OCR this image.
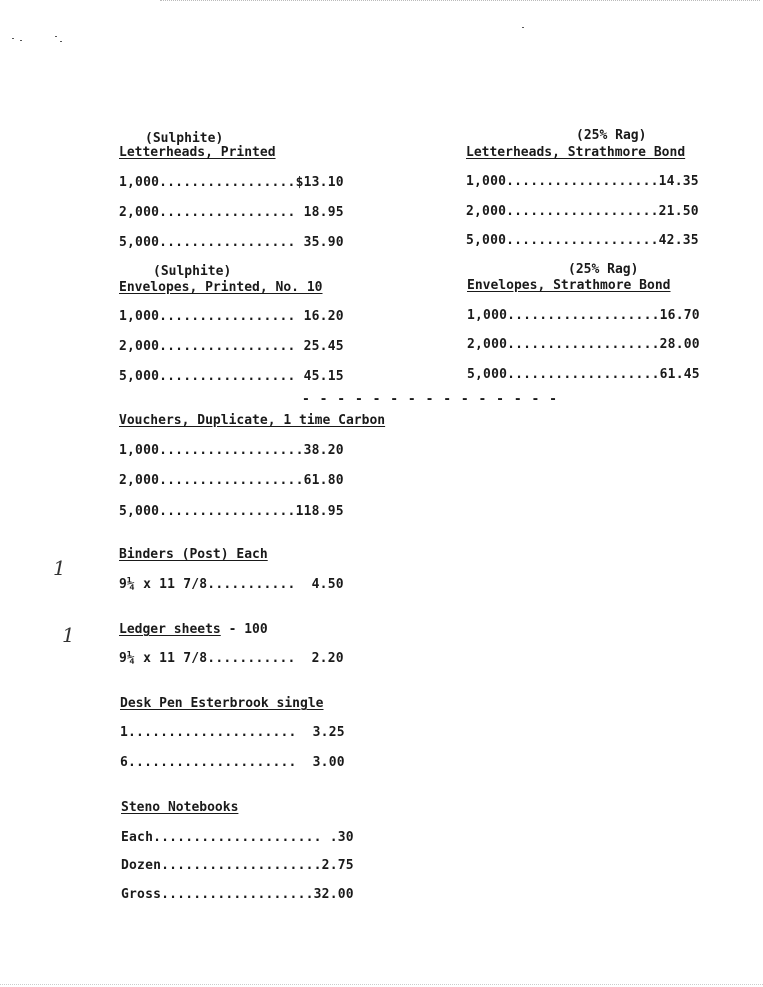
(Sulphite)
Letterheads, Printed
1,000.................$13.10
2,000................. 18.95
5,000................. 35.90
(25% Rag)
Letterheads, Strathmore Bond
1,000...................14.35
2,000...................21.50
5,000...................42.35
(Sulphite)
Envelopes, Printed, No. 10
1,000................. 16.20
2,000................. 25.45
5,000................. 45.15
(25% Rag)
Envelopes, Strathmore Bond
1,000...................16.70
2,000...................28.00
5,000...................61.45
- - - - - - - - - - - - - - -
Vouchers, Duplicate, 1 time Carbon
1,000..................38.20
2,000..................61.80
5,000.................118.95
1
Binders (Post) Each
9¼ x 11 7/8...........  4.50
1	Ledger sheets - 100
9¼ x 11 7/8...........  2.20
Desk Pen Esterbrook single
1.....................  3.25
6.....................  3.00
Steno Notebooks
Each..................... .30
Dozen....................2.75
Gross...................32.00
